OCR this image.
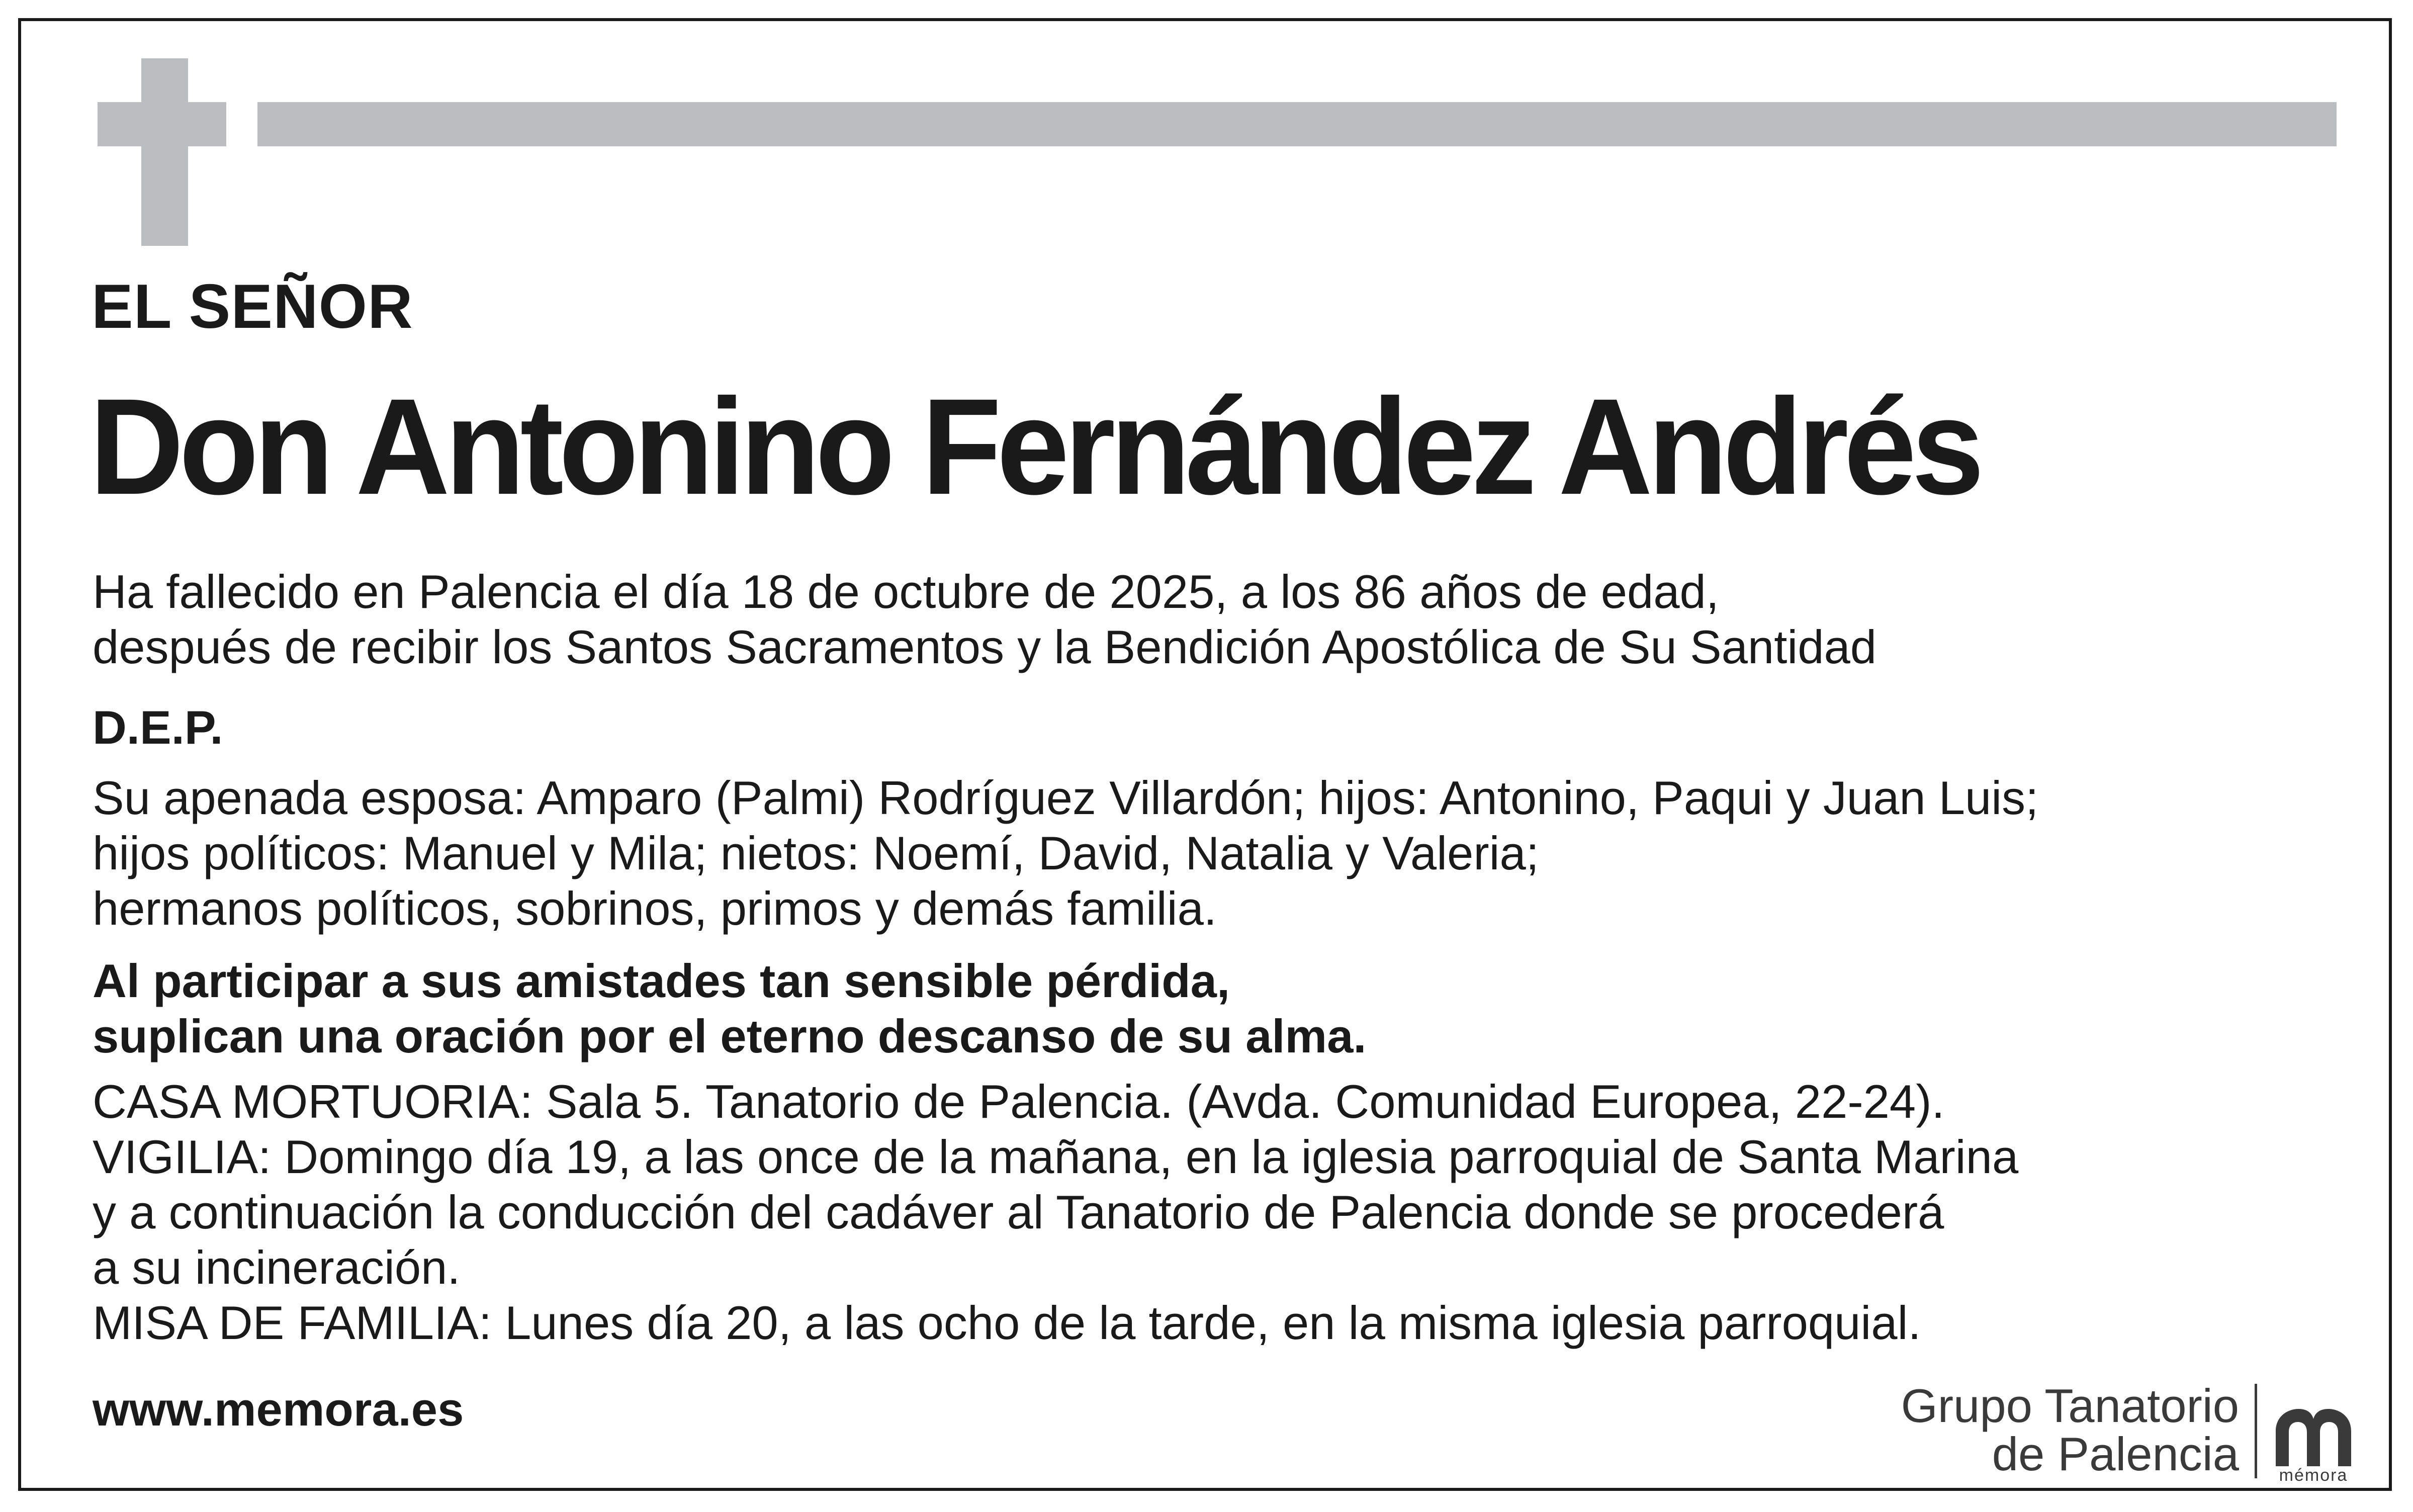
EL SEÑOR
Don Antonino Fernández Andrés
Ha fallecido en Palencia el día 18 de octubre de 2025, a los 86 años de edad,
después de recibir los Santos Sacramentos y la Bendición Apostólica de Su Santidad
D.E.P.
Su apenada esposa: Amparo (Palmi) Rodríguez Villardón; hijos: Antonino, Paqui y Juan Luis;
hijos políticos: Manuel y Mila; nietos: Noemí, David, Natalia y Valeria;
hermanos políticos, sobrinos, primos y demás familia.
Al participar a sus amistades tan sensible pérdida,
suplican una oración por el eterno descanso de su alma.
CASA MORTUORIA: Sala 5. Tanatorio de Palencia. (Avda. Comunidad Europea, 22-24).
VIGILIA: Domingo día 19, a las once de la mañana, en la iglesia parroquial de Santa Marina
y a continuación la conducción del cadáver al Tanatorio de Palencia donde se procederá
a su incineración.
MISA DE FAMILIA: Lunes día 20, a las ocho de la tarde, en la misma iglesia parroquial.
www.memora.es	Grupo Tanatorio
de Palencia	mémora
